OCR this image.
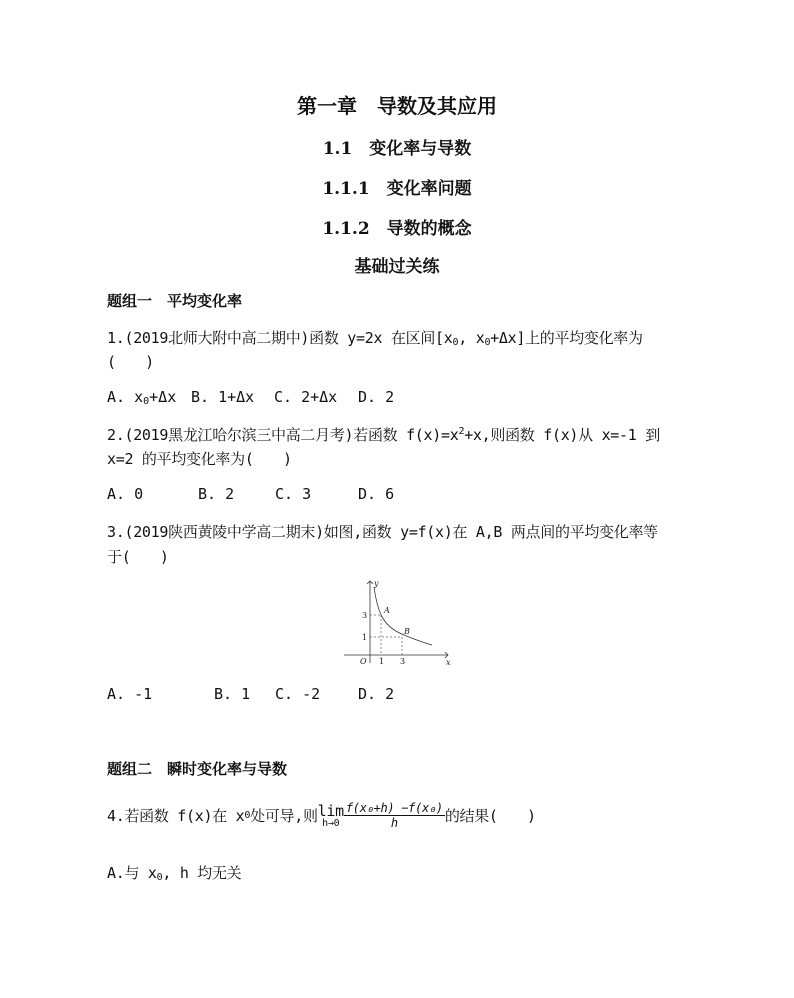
第一章　导数及其应用
1.1　变化率与导数
1.1.1　变化率问题
1.1.2　导数的概念
基础过关练
题组一　平均变化率
1.(2019北师大附中高二期中)函数 y=2x 在区间[$x_0$, $x_0+\Delta x$]上的平均变化率为
(　　)
A. $x_0+\Delta x$ B. 1+Δx C. 2+Δx D. 2
2.(2019黑龙江哈尔滨三中高二月考)若函数 $f(x)=x^2+x$,则函数 f(x)从 x=-1 到
x=2 的平均变化率为(　　)
A. 0	B. 2	C. 3	D. 6
3.(2019陕西黄陵中学高二期末)如图,函数 y=f(x)在 A,B 两点间的平均变化率等
于(　　)
y
x
O
3
1
1 3
A
B
A. -1	B. 1 C. -2	D. 2
题组二　瞬时变化率与导数
4.若函数 f(x)在 x 0 处可导,则 lim
$h\to 0 \frac{\text{f(x₀+h) −f(x₀)}}{h}$ 的结果(　　)
A.与 $x_0$, h 均无关
